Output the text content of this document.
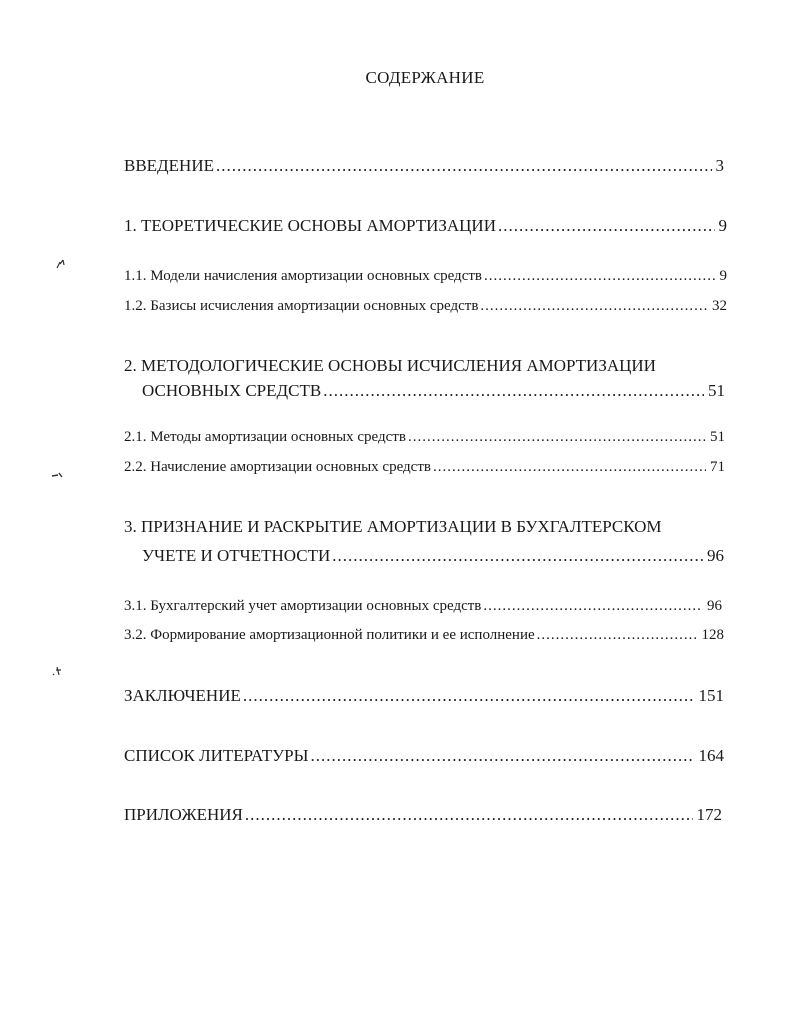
СОДЕРЖАНИЕ
ВВЕДЕНИЕ .....	3
1. ТЕОРЕТИЧЕСКИЕ ОСНОВЫ АМОРТИЗАЦИИ .....	9
1.1. Модели начисления амортизации основных средств .....	9
1.2. Базисы исчисления амортизации основных средств .....	32
2. МЕТОДОЛОГИЧЕСКИЕ ОСНОВЫ ИСЧИСЛЕНИЯ АМОРТИЗАЦИИ
ОСНОВНЫХ СРЕДСТВ .....	51
2.1. Методы амортизации основных средств .....	51
2.2. Начисление амортизации основных средств .....	71
3. ПРИЗНАНИЕ И РАСКРЫТИЕ АМОРТИЗАЦИИ В БУХГАЛТЕРСКОМ
УЧЕТЕ И ОТЧЕТНОСТИ .....	96
3.1. Бухгалтерский учет амортизации основных средств .....	96
3.2. Формирование амортизационной политики и ее исполнение .....	128
ЗАКЛЮЧЕНИЕ .....	151
СПИСОК ЛИТЕРАТУРЫ .....	164
ПРИЛОЖЕНИЯ .....	172
